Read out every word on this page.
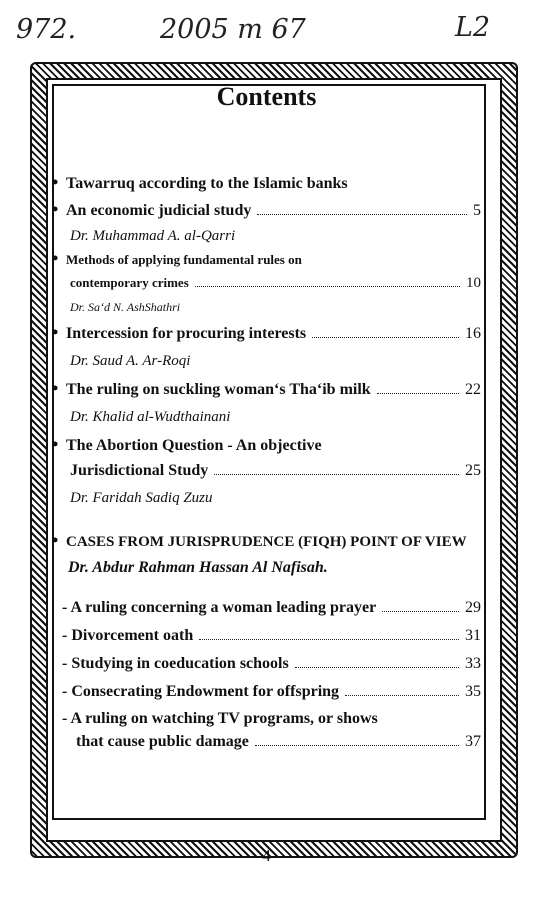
972.	2005 m 67	L2
Contents
• Tawarruq according to the Islamic banks
• An economic judicial study	5
Dr. Muhammad A. al-Qarri
• Methods of applying fundamental rules on
contemporary crimes	10
Dr. Sa‘d N. AshShathri
• Intercession for procuring interests	16
Dr. Saud A. Ar-Roqi
• The ruling on suckling woman‘s Tha‘ib milk	22
Dr. Khalid al-Wudthainani
• The Abortion Question - An objective
Jurisdictional Study	25
Dr. Faridah Sadiq Zuzu
• CASES FROM JURISPRUDENCE (FIQH) POINT OF VIEW
Dr. Abdur Rahman Hassan Al Nafisah.
- A ruling concerning a woman leading prayer	29
- Divorcement oath	31
- Studying in coeducation schools	33
- Consecrating Endowment for offspring	35
- A ruling on watching TV programs, or shows
that cause public damage	37
- 4 -
